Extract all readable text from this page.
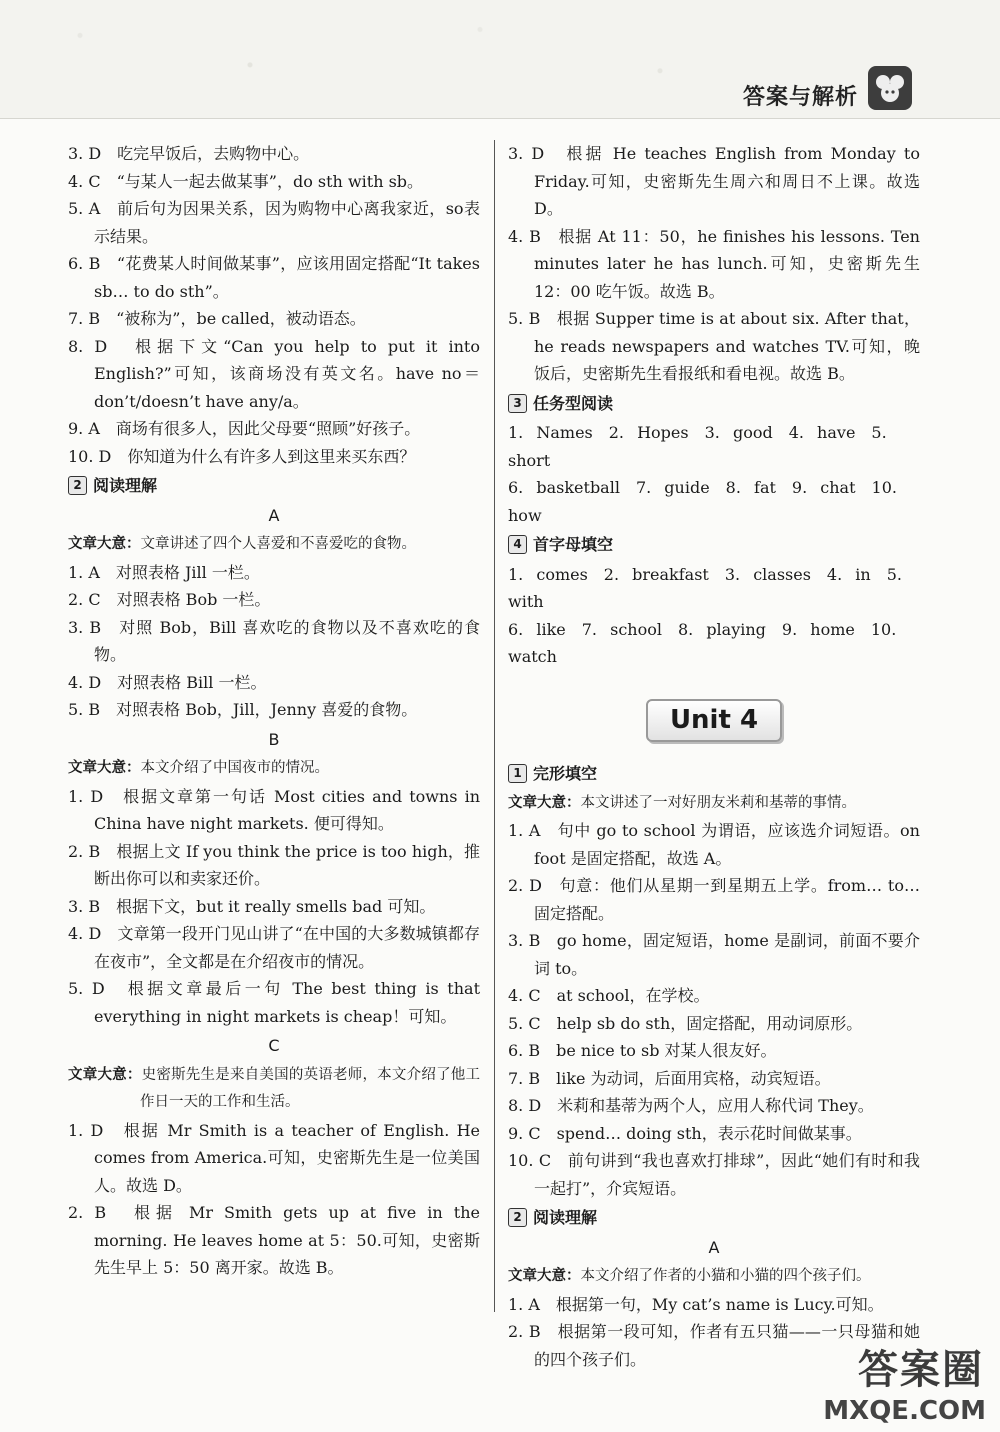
答案与解析

3. D　吃完早饭后，去购物中心。

4. C　“与某人一起去做某事”，do sth with sb。

5. A　前后句为因果关系，因为购物中心离我家近，so表示结果。

6. B　“花费某人时间做某事”，应该用固定搭配“It takes sb… to do sth”。

7. B　“被称为”，be called，被动语态。

8. D　根据下文“Can you help to put it into English?”可知，该商场没有英文名。have no＝don’t/doesn’t have any/a。

9. A　商场有很多人，因此父母要“照顾”好孩子。

10. D　你知道为什么有许多人到这里来买东西？

2 阅读理解
A

文章大意：文章讲述了四个人喜爱和不喜爱吃的食物。

1. A　对照表格 Jill 一栏。

2. C　对照表格 Bob 一栏。

3. B　对照 Bob，Bill 喜欢吃的食物以及不喜欢吃的食物。

4. D　对照表格 Bill 一栏。

5. B　对照表格 Bob，Jill，Jenny 喜爱的食物。

B

文章大意：本文介绍了中国夜市的情况。

1. D　根据文章第一句话 Most cities and towns in China have night markets. 便可得知。

2. B　根据上文 If you think the price is too high，推断出你可以和卖家还价。

3. B　根据下文，but it really smells bad 可知。

4. D　文章第一段开门见山讲了“在中国的大多数城镇都存在夜市”，全文都是在介绍夜市的情况。

5. D　根据文章最后一句 The best thing is that everything in night markets is cheap！可知。

C

文章大意：史密斯先生是来自美国的英语老师，本文介绍了他工作日一天的工作和生活。

1. D　根据 Mr Smith is a teacher of English. He comes from America.可知，史密斯先生是一位美国人。故选 D。

2. B　根据 Mr Smith gets up at five in the morning. He leaves home at 5：50.可知，史密斯先生早上 5：50 离开家。故选 B。

3. D　根据 He teaches English from Monday to Friday.可知，史密斯先生周六和周日不上课。故选 D。

4. B　根据 At 11：50，he finishes his lessons. Ten minutes later he has lunch.可知，史密斯先生 12：00 吃午饭。故选 B。

5. B　根据 Supper time is at about six. After that，he reads newspapers and watches TV.可知，晚饭后，史密斯先生看报纸和看电视。故选 B。

3 任务型阅读

1. Names　2. Hopes　3. good　4. have　5. short

6. basketball　7. guide　8. fat　9. chat　10. how

4 首字母填空

1. comes　2. breakfast　3. classes　4. in　5. with

6. like　7. school　8. playing　9. home　10. watch

Unit 4
1 完形填空

文章大意：本文讲述了一对好朋友米莉和基蒂的事情。

1. A　句中 go to school 为谓语，应该选介词短语。on foot 是固定搭配，故选 A。

2. D　句意：他们从星期一到星期五上学。from… to…固定搭配。

3. B　go home，固定短语，home 是副词，前面不要介词 to。

4. C　at school，在学校。

5. C　help sb do sth，固定搭配，用动词原形。

6. B　be nice to sb 对某人很友好。

7. B　like 为动词，后面用宾格，动宾短语。

8. D　米莉和基蒂为两个人，应用人称代词 They。

9. C　spend… doing sth，表示花时间做某事。

10. C　前句讲到“我也喜欢打排球”，因此“她们有时和我一起打”，介宾短语。

2 阅读理解
A

文章大意：本文介绍了作者的小猫和小猫的四个孩子们。

1. A　根据第一句，My cat’s name is Lucy.可知。

2. B　根据第一段可知，作者有五只猫——一只母猫和她的四个孩子们。	答案圈
MXQE.COM
